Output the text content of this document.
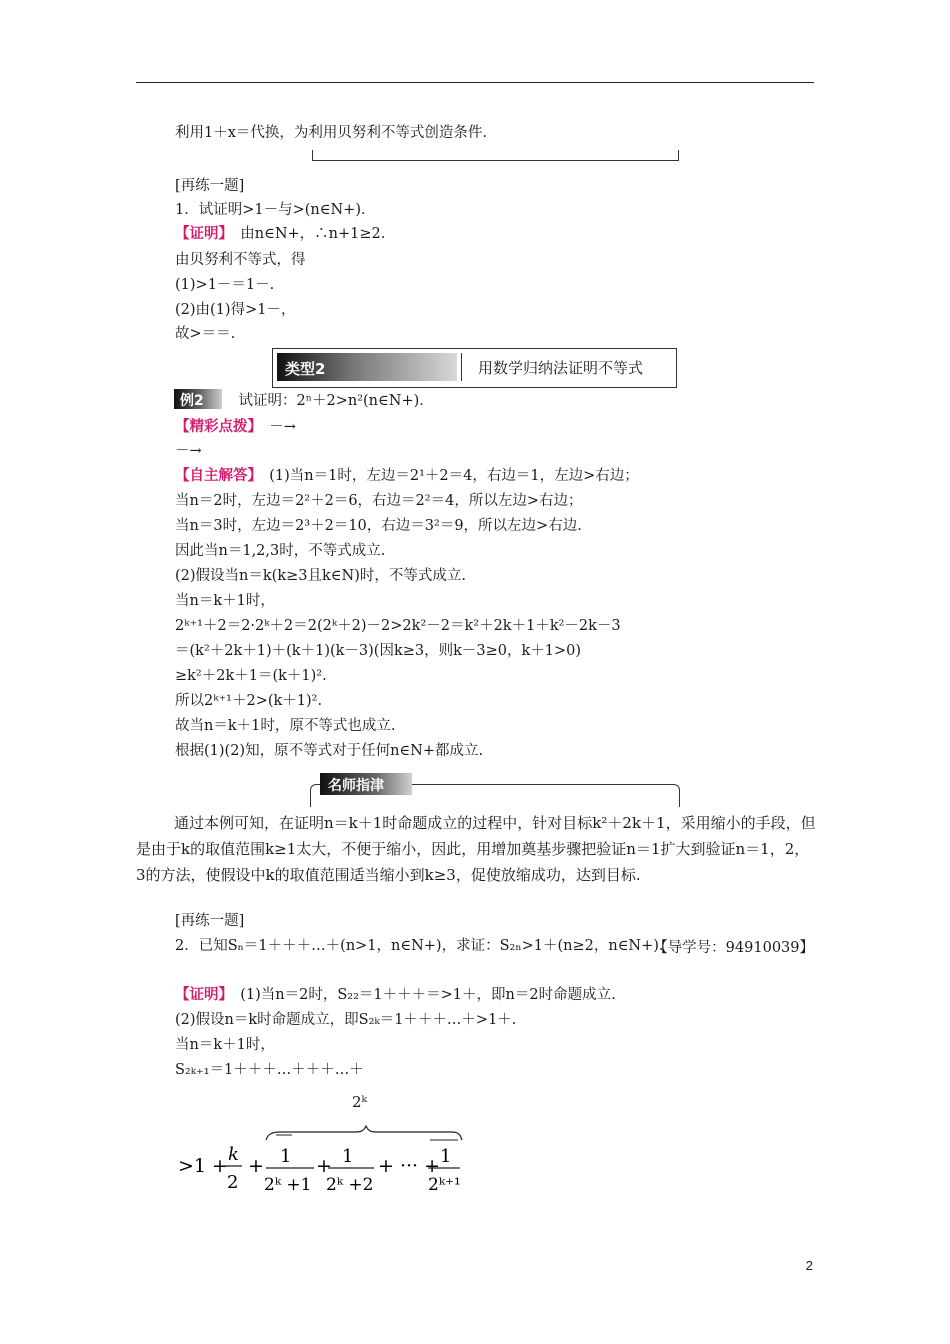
利用1＋x＝代换，为利用贝努利不等式创造条件.
[再练一题]
1．试证明>1－与>(n∈N+)．
【证明】　由n∈N+，∴n+1≥2.
由贝努利不等式，得
(1)>1－＝1－.
(2)由(1)得>1－，
故>＝＝.
类型2	用数学归纳法证明不等式
例2 　试证明：2ⁿ＋2>n²(n∈N+)．
【精彩点拨】　－→
－→
【自主解答】　(1)当n＝1时，左边＝2¹＋2＝4，右边＝1，左边>右边；
当n＝2时，左边＝2²＋2＝6，右边＝2²＝4，所以左边>右边；
当n＝3时，左边＝2³＋2＝10，右边＝3²＝9，所以左边>右边.
因此当n＝1,2,3时，不等式成立.
(2)假设当n＝k(k≥3且k∈N)时，不等式成立.
当n＝k＋1时，
2ᵏ⁺¹＋2＝2·2ᵏ＋2＝2(2ᵏ＋2)－2>2k²－2＝k²＋2k＋1＋k²－2k－3
＝(k²＋2k＋1)＋(k＋1)(k－3)(因k≥3，则k－3≥0，k＋1>0)
≥k²＋2k＋1＝(k＋1)².
所以2ᵏ⁺¹＋2>(k＋1)².
故当n＝k＋1时，原不等式也成立.
根据(1)(2)知，原不等式对于任何n∈N+都成立.
名师指津
通过本例可知，在证明n＝k＋1时命题成立的过程中，针对目标k²＋2k＋1，采用缩小的手段，但是由于k的取值范围k≥1太大，不便于缩小，因此，用增加奠基步骤把验证n＝1扩大到验证n＝1，2，3的方法，使假设中k的取值范围适当缩小到k≥3，促使放缩成功，达到目标.
[再练一题]
2．已知Sₙ＝1＋＋＋…＋(n>1，n∈N+)，求证：S₂ₙ>1＋(n≥2，n∈N+)．
【导学号：94910039】
【证明】　(1)当n＝2时，S₂₂＝1＋＋＋＝>1＋，即n＝2时命题成立.
(2)假设n＝k时命题成立，即S₂ₖ＝1＋＋＋…＋>1＋.
当n＝k＋1时，
S₂ₖ₊₁＝1＋＋＋…＋＋＋…＋
2ᵏ
>1 +
k
2
+ 1
2ᵏ +1
+ 1
2ᵏ +2
+ ··· + 1
2ᵏ⁺¹
2
